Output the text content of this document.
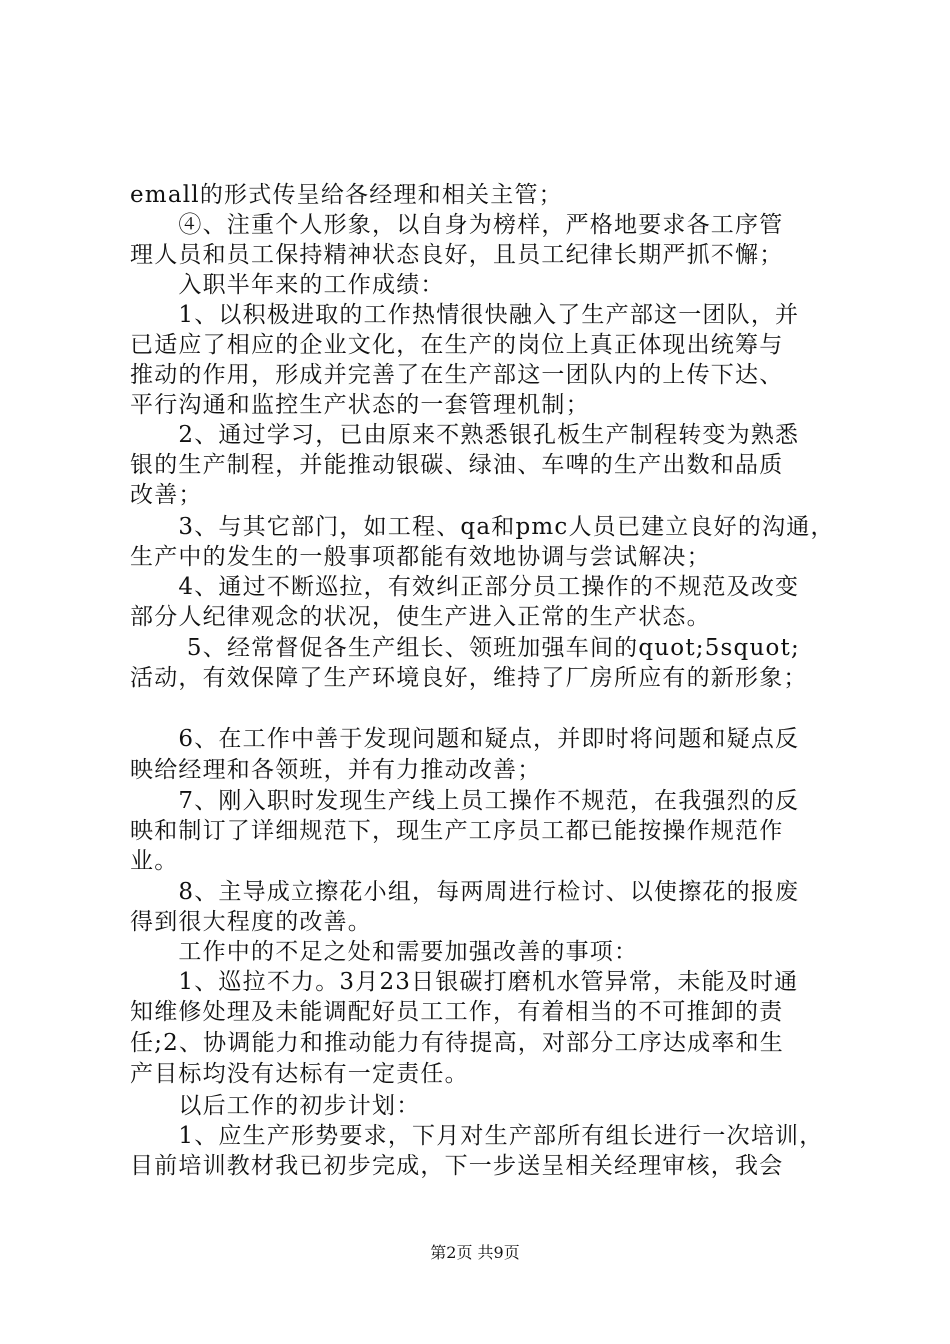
emall的形式传呈给各经理和相关主管；
　　④、注重个人形象，以自身为榜样，严格地要求各工序管
理人员和员工保持精神状态良好，且员工纪律长期严抓不懈；
　　入职半年来的工作成绩：
　　1、以积极进取的工作热情很快融入了生产部这一团队，并
已适应了相应的企业文化，在生产的岗位上真正体现出统筹与
推动的作用，形成并完善了在生产部这一团队内的上传下达、
平行沟通和监控生产状态的一套管理机制；
　　2、通过学习，已由原来不熟悉银孔板生产制程转变为熟悉
银的生产制程，并能推动银碳、绿油、车啤的生产出数和品质
改善；
　　3、与其它部门，如工程、qa和pmc人员已建立良好的沟通，
生产中的发生的一般事项都能有效地协调与尝试解决；
　　4、通过不断巡拉，有效纠正部分员工操作的不规范及改变
部分人纪律观念的状况，使生产进入正常的生产状态。
　　 5、经常督促各生产组长、领班加强车间的quot;5squot;
活动，有效保障了生产环境良好，维持了厂房所应有的新形象；
　　6、在工作中善于发现问题和疑点，并即时将问题和疑点反
映给经理和各领班，并有力推动改善；
　　7、刚入职时发现生产线上员工操作不规范，在我强烈的反
映和制订了详细规范下，现生产工序员工都已能按操作规范作
业。
　　8、主导成立擦花小组，每两周进行检讨、以使擦花的报废
得到很大程度的改善。
　　工作中的不足之处和需要加强改善的事项：
　　1、巡拉不力。3月23日银碳打磨机水管异常，未能及时通
知维修处理及未能调配好员工工作，有着相当的不可推卸的责
任;2、协调能力和推动能力有待提高，对部分工序达成率和生
产目标均没有达标有一定责任。
　　以后工作的初步计划：
　　1、应生产形势要求，下月对生产部所有组长进行一次培训，
目前培训教材我已初步完成，下一步送呈相关经理审核，我会
第2页 共9页
